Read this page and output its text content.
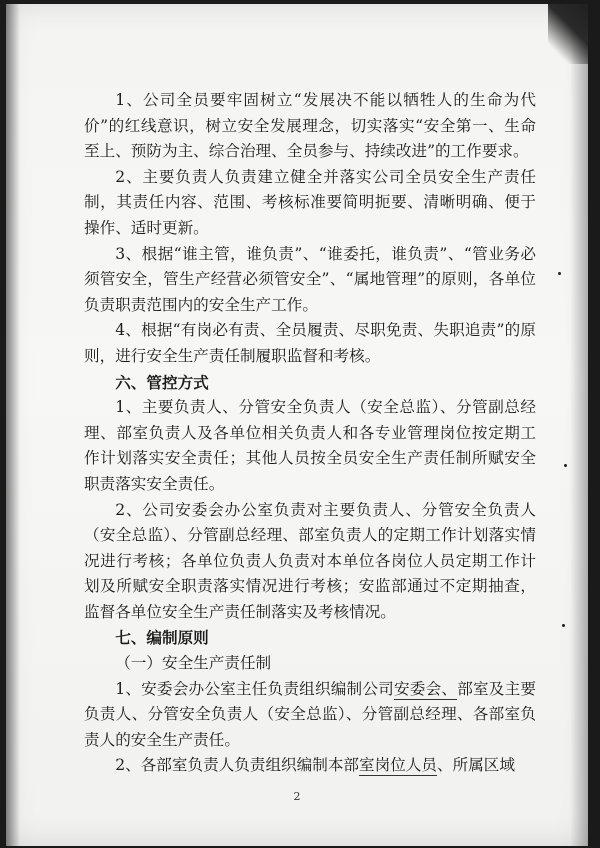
1、公司全员要牢固树立“发展决不能以牺牲人的生命为代价”的红线意识，树立安全发展理念，切实落实“安全第一、生命至上、预防为主、综合治理、全员参与、持续改进”的工作要求。

2、主要负责人负责建立健全并落实公司全员安全生产责任制，其责任内容、范围、考核标准要简明扼要、清晰明确、便于操作、适时更新。

3、根据“谁主管，谁负责”、“谁委托，谁负责”、“管业务必须管安全，管生产经营必须管安全”、“属地管理”的原则，各单位负责职责范围内的安全生产工作。

4、根据“有岗必有责、全员履责、尽职免责、失职追责”的原则，进行安全生产责任制履职监督和考核。

六、管控方式

1、主要负责人、分管安全负责人（安全总监）、分管副总经理、部室负责人及各单位相关负责人和各专业管理岗位按定期工作计划落实安全责任；其他人员按全员安全生产责任制所赋安全职责落实安全责任。

2、公司安委会办公室负责对主要负责人、分管安全负责人（安全总监）、分管副总经理、部室负责人的定期工作计划落实情况进行考核；各单位负责人负责对本单位各岗位人员定期工作计划及所赋安全职责落实情况进行考核；安监部通过不定期抽查，监督各单位安全生产责任制落实及考核情况。

七、编制原则

（一）安全生产责任制

1、安委会办公室主任负责组织编制公司安委会、部室及主要负责人、分管安全负责人（安全总监）、分管副总经理、各部室负责人的安全生产责任。

2、各部室负责人负责组织编制本部室岗位人员、所属区域

2
